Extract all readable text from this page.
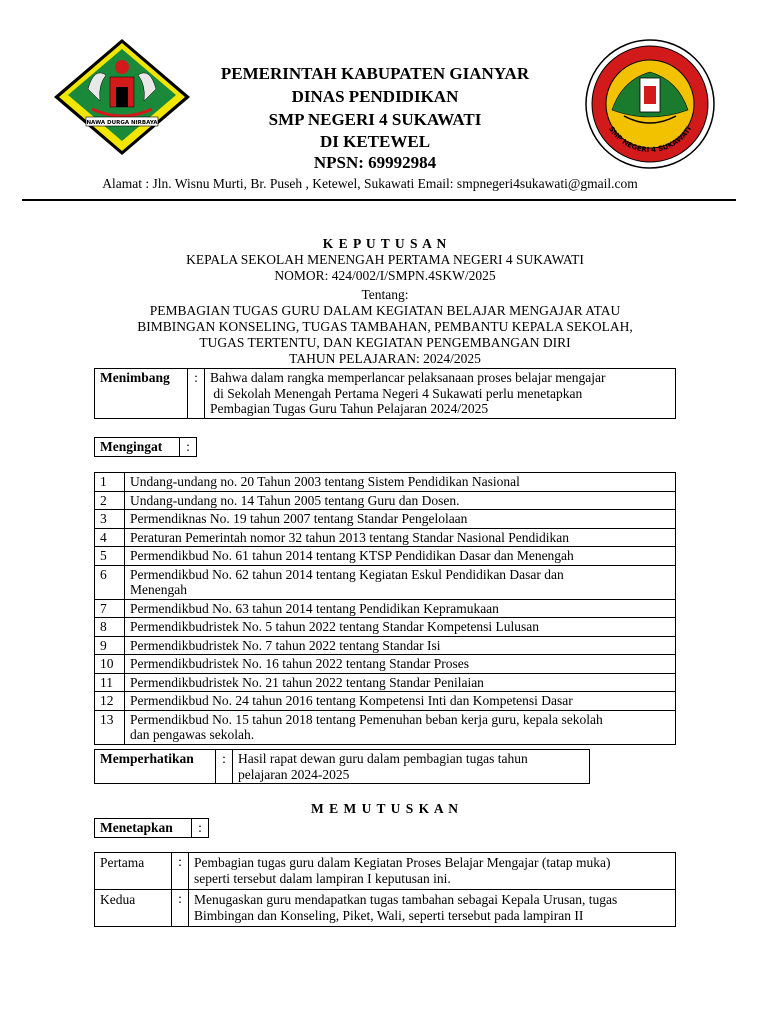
NAWA DURGA NIRBAYA
SMP NEGERI 4 SUKAWATI
PEMERINTAH KABUPATEN GIANYAR
DINAS PENDIDIKAN
SMP NEGERI 4 SUKAWATI
DI KETEWEL
NPSN: 69992984
Alamat : Jln. Wisnu Murti, Br. Puseh , Ketewel, Sukawati Email: smpnegeri4sukawati@gmail.com
K E P U T U S A N
KEPALA SEKOLAH MENENGAH PERTAMA NEGERI 4 SUKAWATI
NOMOR: 424/002/I/SMPN.4SKW/2025
Tentang:
PEMBAGIAN TUGAS GURU DALAM KEGIATAN BELAJAR MENGAJAR ATAU
BIMBINGAN KONSELING, TUGAS TAMBAHAN, PEMBANTU KEPALA SEKOLAH,
TUGAS TERTENTU, DAN KEGIATAN PENGEMBANGAN DIRI
TAHUN PELAJARAN: 2024/2025
Menimbang	:	Bahwa dalam rangka memperlancar pelaksanaan proses belajar mengajar
di Sekolah Menengah Pertama Negeri 4 Sukawati perlu menetapkan
Pembagian Tugas Guru Tahun Pelajaran 2024/2025
Mengingat	:
1	Undang-undang no. 20 Tahun 2003 tentang Sistem Pendidikan Nasional

2	Undang-undang no. 14 Tahun 2005 tentang Guru dan Dosen.

3	Permendiknas No. 19 tahun 2007 tentang Standar Pengelolaan

4	Peraturan Pemerintah nomor 32 tahun 2013 tentang Standar Nasional Pendidikan

5	Permendikbud No. 61 tahun 2014 tentang KTSP Pendidikan Dasar dan Menengah

6	Permendikbud No. 62 tahun 2014 tentang Kegiatan Eskul Pendidikan Dasar dan
Menengah

7	Permendikbud No. 63 tahun 2014 tentang Pendidikan Kepramukaan

8	Permendikbudristek No. 5 tahun 2022 tentang Standar Kompetensi Lulusan

9	Permendikbudristek No. 7 tahun 2022 tentang Standar Isi

10	Permendikbudristek No. 16 tahun 2022 tentang Standar Proses

11	Permendikbudristek No. 21 tahun 2022 tentang Standar Penilaian

12	Permendikbud No. 24 tahun 2016 tentang Kompetensi Inti dan Kompetensi Dasar

13	Permendikbud No. 15 tahun 2018 tentang Pemenuhan beban kerja guru, kepala sekolah
dan pengawas sekolah.
Memperhatikan	:	Hasil rapat dewan guru dalam pembagian tugas tahun
pelajaran 2024-2025
M E M U T U S K A N
Menetapkan	:
Pertama	:	Pembagian tugas guru dalam Kegiatan Proses Belajar Mengajar (tatap muka)
seperti tersebut dalam lampiran I keputusan ini.

Kedua	:	Menugaskan guru mendapatkan tugas tambahan sebagai Kepala Urusan, tugas
Bimbingan dan Konseling, Piket, Wali, seperti tersebut pada lampiran II
